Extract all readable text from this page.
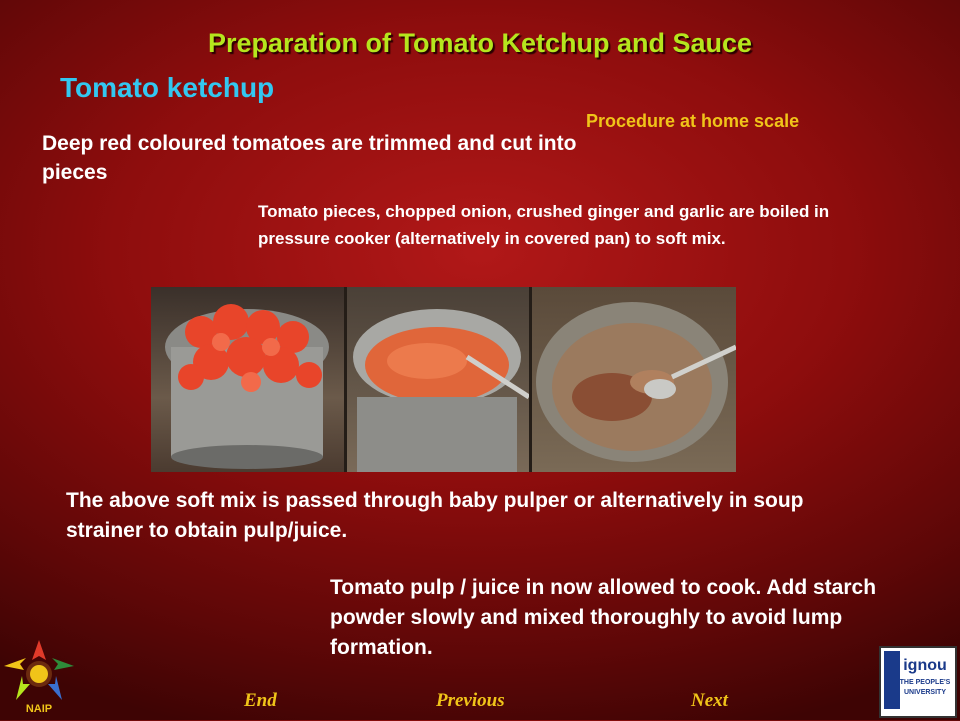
Preparation of Tomato Ketchup and Sauce
Tomato ketchup
Procedure at home scale
Deep red coloured tomatoes are trimmed and cut into pieces
Tomato pieces, chopped onion, crushed ginger and garlic are boiled in pressure cooker (alternatively in covered pan) to soft mix.
The above soft mix is passed through baby pulper or alternatively in soup strainer to obtain pulp/juice.
Tomato pulp / juice in now allowed to cook. Add starch powder slowly and mixed thoroughly to avoid lump formation.
NAIP
ignou
THE PEOPLE'S
UNIVERSITY
End	Previous	Next
